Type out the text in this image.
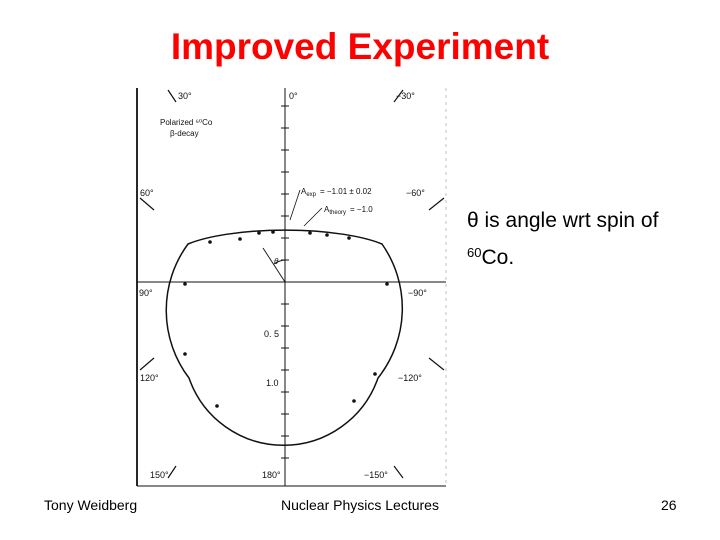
Improved Experiment
30°	0°	−30°
60°	−60°
90°	−90°
120°	−120°
150°	180°	−150°
Polarized ⁶⁰Co
β-decay
$A_{exp} = -1.01 \pm 0.02$
$A_{theory} = -1.0$
θ
0. 5
1.0
θ is angle wrt spin of
$^{60}$Co.
Tony Weidberg	Nuclear Physics Lectures	26
